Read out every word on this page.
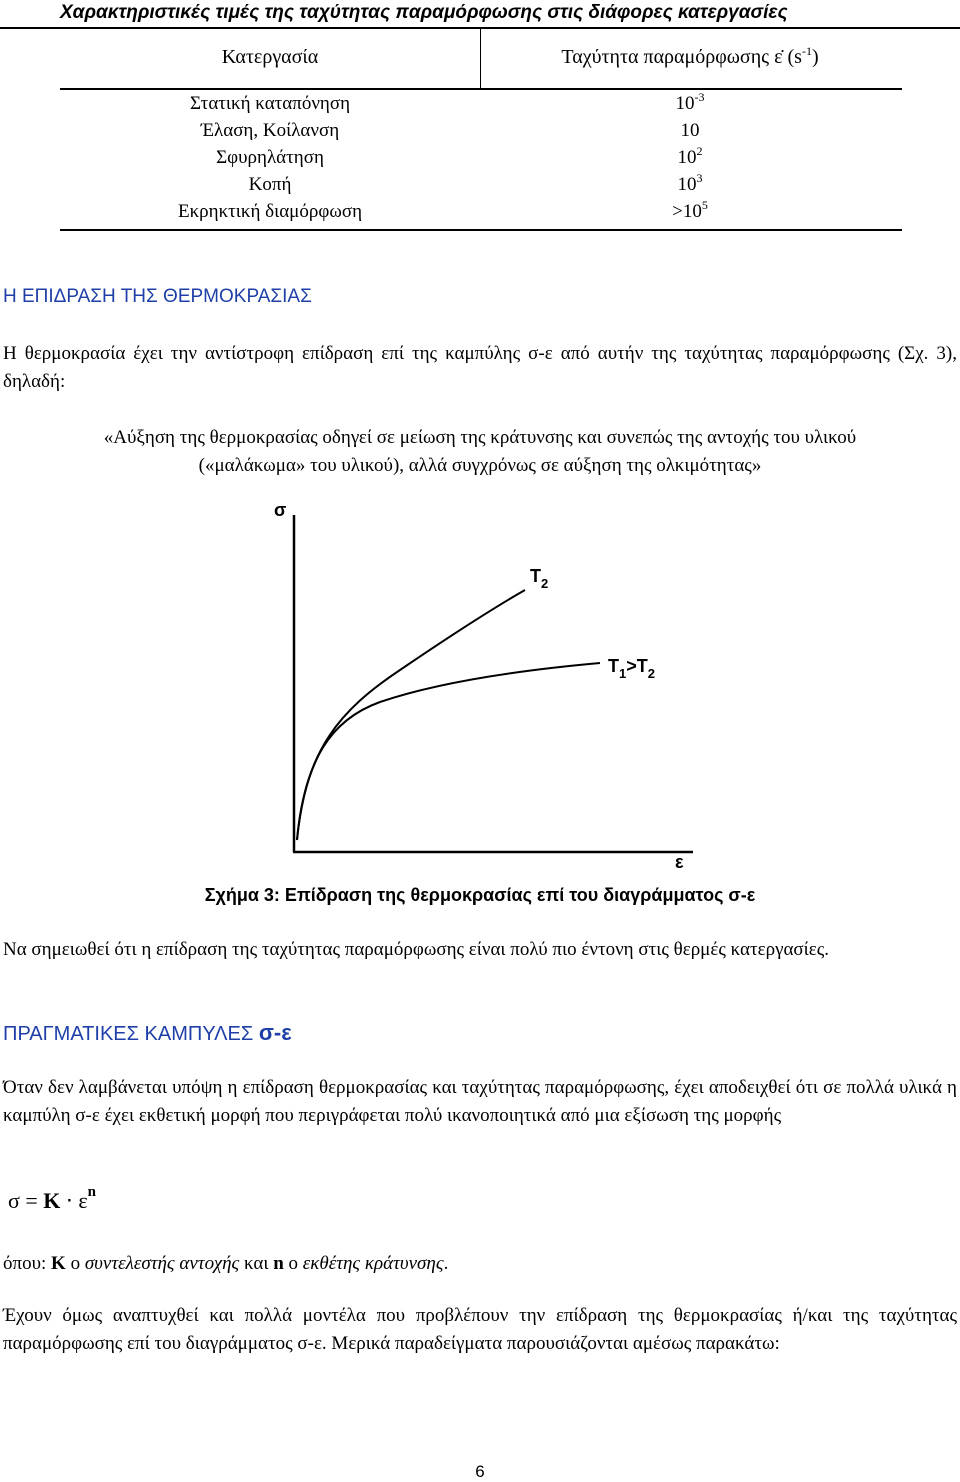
Χαρακτηριστικές τιμές της ταχύτητας παραμόρφωσης στις διάφορες κατεργασίες
Κατεργασία	Ταχύτητα παραμόρφωσης ε̇ $(s^{-1})$
Στατική καταπόνηση	$10^{-3}$
Έλαση, Κοίλανση	10
Σφυρηλάτηση	$10^2$
Κοπή	$10^3$
Εκρηκτική διαμόρφωση	$>10^5$
Η ΕΠΙΔΡΑΣΗ ΤΗΣ ΘΕΡΜΟΚΡΑΣΙΑΣ
Η θερμοκρασία έχει την αντίστροφη επίδραση επί της καμπύλης σ-ε από αυτήν της ταχύτητας παραμόρφωσης (Σχ. 3), δηλαδή:
«Αύξηση της θερμοκρασίας οδηγεί σε μείωση της κράτυνσης και συνεπώς της αντοχής του υλικού
(«μαλάκωμα» του υλικού), αλλά συγχρόνως σε αύξηση της ολκιμότητας»
σ
ε
$T_2$
$T_1>T_2$
Σχήμα 3: Επίδραση της θερμοκρασίας επί του διαγράμματος σ-ε
Να σημειωθεί ότι η επίδραση της ταχύτητας παραμόρφωσης είναι πολύ πιο έντονη στις θερμές κατεργασίες.
ΠΡΑΓΜΑΤΙΚΕΣ ΚΑΜΠΥΛΕΣ σ-ε
Όταν δεν λαμβάνεται υπόψη η επίδραση θερμοκρασίας και ταχύτητας παραμόρφωσης, έχει αποδειχθεί ότι σε πολλά υλικά η καμπύλη σ-ε έχει εκθετική μορφή που περιγράφεται πολύ ικανοποιητικά από μια εξίσωση της μορφής
$\sigma = K \cdot \varepsilon^n$
όπου: K ο συντελεστής αντοχής και n ο εκθέτης κράτυνσης.
Έχουν όμως αναπτυχθεί και πολλά μοντέλα που προβλέπουν την επίδραση της θερμοκρασίας ή/και της ταχύτητας παραμόρφωσης επί του διαγράμματος σ-ε. Μερικά παραδείγματα παρουσιάζονται αμέσως παρακάτω:
6
